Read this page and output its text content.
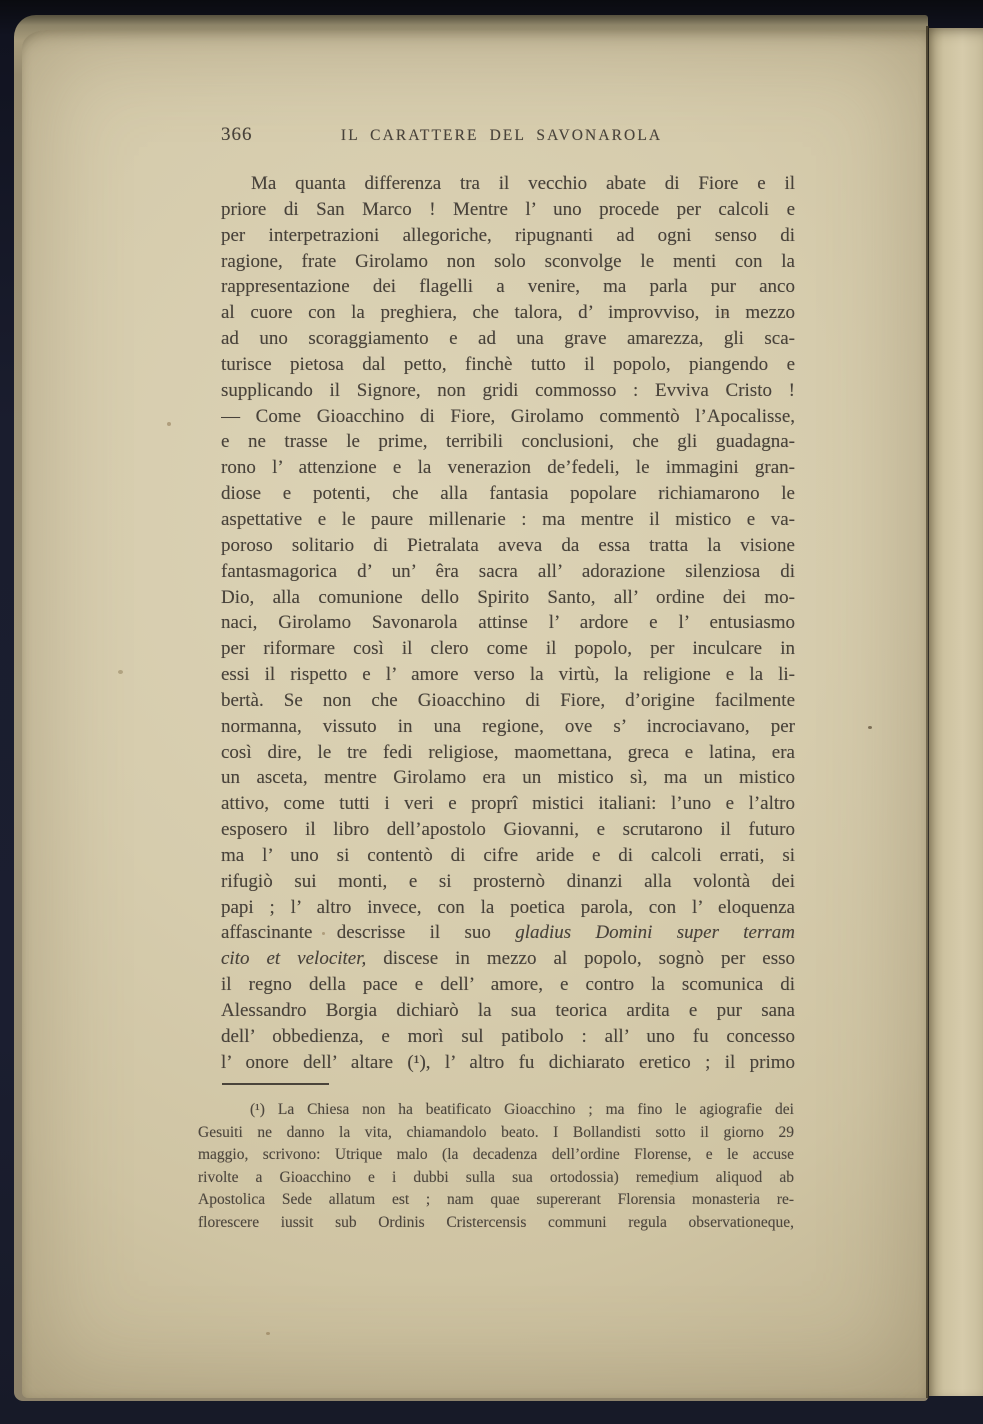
366	IL CARATTERE DEL SAVONAROLA
Ma quanta differenza tra il vecchio abate di Fiore e il
priore di San Marco ! Mentre l’ uno procede per calcoli e
per interpetrazioni allegoriche, ripugnanti ad ogni senso di
ragione, frate Girolamo non solo sconvolge le menti con la
rappresentazione dei flagelli a venire, ma parla pur anco
al cuore con la preghiera, che talora, d’ improvviso, in mezzo
ad uno scoraggiamento e ad una grave amarezza, gli sca-
turisce pietosa dal petto, finchè tutto il popolo, piangendo e
supplicando il Signore, non gridi commosso : Evviva Cristo !
— Come Gioacchino di Fiore, Girolamo commentò l’Apocalisse,
e ne trasse le prime, terribili conclusioni, che gli guadagna-
rono l’ attenzione e la venerazion de’fedeli, le immagini gran-
diose e potenti, che alla fantasia popolare richiamarono le
aspettative e le paure millenarie : ma mentre il mistico e va-
poroso solitario di Pietralata aveva da essa tratta la visione
fantasmagorica d’ un’ êra sacra all’ adorazione silenziosa di
Dio, alla comunione dello Spirito Santo, all’ ordine dei mo-
naci, Girolamo Savonarola attinse l’ ardore e l’ entusiasmo
per riformare così il clero come il popolo, per inculcare in
essi il rispetto e l’ amore verso la virtù, la religione e la li-
bertà. Se non che Gioacchino di Fiore, d’origine facilmente
normanna, vissuto in una regione, ove s’ incrociavano, per
così dire, le tre fedi religiose, maomettana, greca e latina, era
un asceta, mentre Girolamo era un mistico sì, ma un mistico
attivo, come tutti i veri e proprî mistici italiani: l’uno e l’altro
esposero il libro dell’apostolo Giovanni, e scrutarono il futuro
ma l’ uno si contentò di cifre aride e di calcoli errati, si
rifugiò sui monti, e si prosternò dinanzi alla volontà dei
papi ; l’ altro invece, con la poetica parola, con l’ eloquenza
affascinante descrisse il suo gladius Domini super terram
cito et velociter, discese in mezzo al popolo, sognò per esso
il regno della pace e dell’ amore, e contro la scomunica di
Alessandro Borgia dichiarò la sua teorica ardita e pur sana
dell’ obbedienza, e morì sul patibolo : all’ uno fu concesso
l’ onore dell’ altare (¹), l’ altro fu dichiarato eretico ; il primo
(¹) La Chiesa non ha beatificato Gioacchino ; ma fino le agiografie dei
Gesuiti ne danno la vita, chiamandolo beato. I Bollandisti sotto il giorno 29
maggio, scrivono: Utrique malo (la decadenza dell’ordine Florense, e le accuse
rivolte a Gioacchino e i dubbi sulla sua ortodossia) remedium aliquod ab
Apostolica Sede allatum est ; nam quae supererant Florensia monasteria re-
florescere iussit sub Ordinis Cristercensis communi regula observationeque,
